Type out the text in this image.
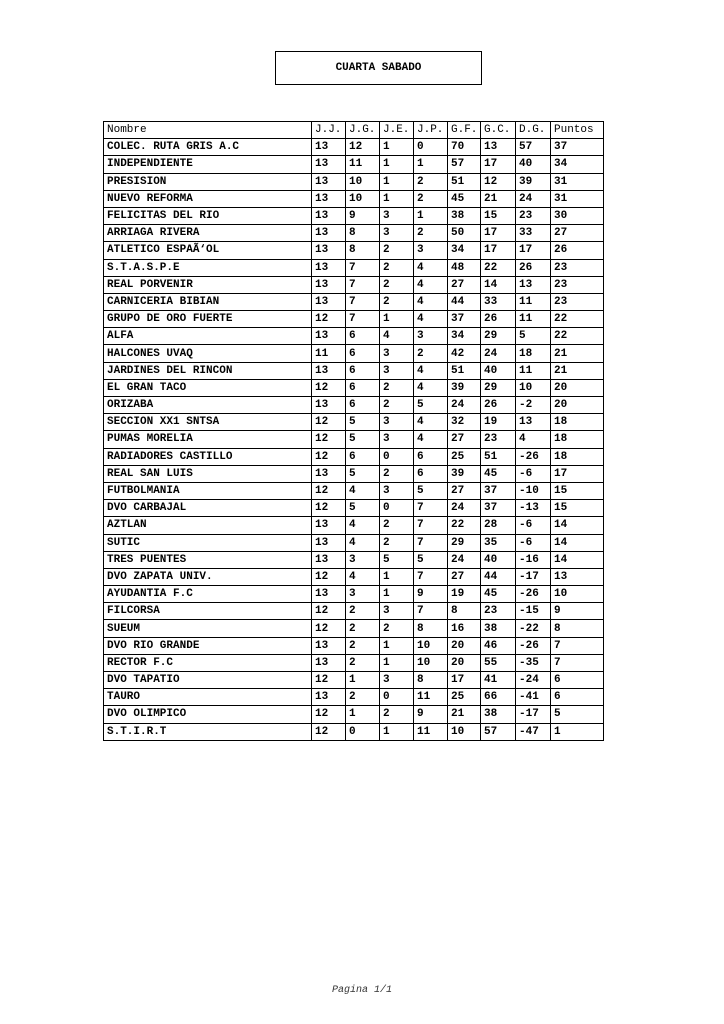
CUARTA SABADO
Nombre	J.J.	J.G.	J.E.	J.P.	G.F.	G.C.	D.G.	Puntos
COLEC. RUTA GRIS A.C	13	12	1	0	70	13	57	37
INDEPENDIENTE	13	11	1	1	57	17	40	34
PRESISION	13	10	1	2	51	12	39	31
NUEVO REFORMA	13	10	1	2	45	21	24	31
FELICITAS DEL RIO	13	9	3	1	38	15	23	30
ARRIAGA RIVERA	13	8	3	2	50	17	33	27
ATLETICO ESPAÃ‘OL	13	8	2	3	34	17	17	26
S.T.A.S.P.E	13	7	2	4	48	22	26	23
REAL PORVENIR	13	7	2	4	27	14	13	23
CARNICERIA BIBIAN	13	7	2	4	44	33	11	23
GRUPO DE ORO FUERTE	12	7	1	4	37	26	11	22
ALFA	13	6	4	3	34	29	5	22
HALCONES UVAQ	11	6	3	2	42	24	18	21
JARDINES DEL RINCON	13	6	3	4	51	40	11	21
EL GRAN TACO	12	6	2	4	39	29	10	20
ORIZABA	13	6	2	5	24	26	-2	20
SECCION XX1 SNTSA	12	5	3	4	32	19	13	18
PUMAS MORELIA	12	5	3	4	27	23	4	18
RADIADORES CASTILLO	12	6	0	6	25	51	-26	18
REAL SAN LUIS	13	5	2	6	39	45	-6	17
FUTBOLMANIA	12	4	3	5	27	37	-10	15
DVO CARBAJAL	12	5	0	7	24	37	-13	15
AZTLAN	13	4	2	7	22	28	-6	14
SUTIC	13	4	2	7	29	35	-6	14
TRES PUENTES	13	3	5	5	24	40	-16	14
DVO ZAPATA UNIV.	12	4	1	7	27	44	-17	13
AYUDANTIA F.C	13	3	1	9	19	45	-26	10
FILCORSA	12	2	3	7	8	23	-15	9
SUEUM	12	2	2	8	16	38	-22	8
DVO RIO GRANDE	13	2	1	10	20	46	-26	7
RECTOR F.C	13	2	1	10	20	55	-35	7
DVO TAPATIO	12	1	3	8	17	41	-24	6
TAURO	13	2	0	11	25	66	-41	6
DVO OLIMPICO	12	1	2	9	21	38	-17	5
S.T.I.R.T	12	0	1	11	10	57	-47	1
Pagina 1/1
